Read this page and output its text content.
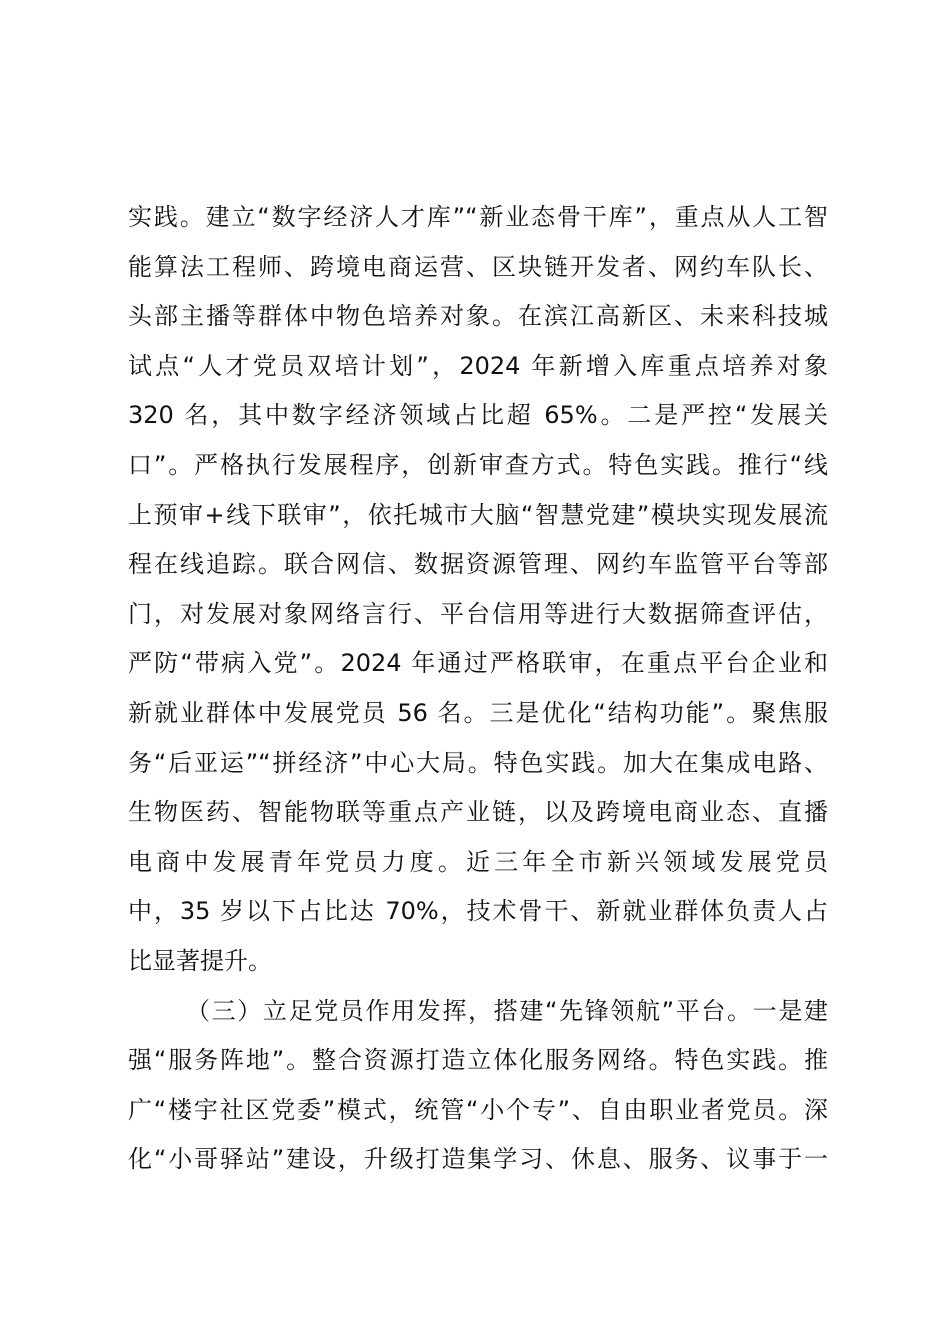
实践。建立“数字经济人才库”“新业态骨干库”，重点从人工智
能算法工程师、跨境电商运营、区块链开发者、网约车队长、
头部主播等群体中物色培养对象。在滨江高新区、未来科技城
试点“人才党员双培计划”，2024 年新增入库重点培养对象
320 名，其中数字经济领域占比超 65%。二是严控“发展关
口”。严格执行发展程序，创新审查方式。特色实践。推行“线
上预审+线下联审”，依托城市大脑“智慧党建”模块实现发展流
程在线追踪。联合网信、数据资源管理、网约车监管平台等部
门，对发展对象网络言行、平台信用等进行大数据筛查评估，
严防“带病入党”。2024 年通过严格联审，在重点平台企业和
新就业群体中发展党员 56 名。三是优化“结构功能”。聚焦服
务“后亚运”“拼经济”中心大局。特色实践。加大在集成电路、
生物医药、智能物联等重点产业链，以及跨境电商业态、直播
电商中发展青年党员力度。近三年全市新兴领域发展党员
中，35 岁以下占比达 70%，技术骨干、新就业群体负责人占
比显著提升。
（三）立足党员作用发挥，搭建“先锋领航”平台。一是建
强“服务阵地”。整合资源打造立体化服务网络。特色实践。推
广“楼宇社区党委”模式，统管“小个专”、自由职业者党员。深
化“小哥驿站”建设，升级打造集学习、休息、服务、议事于一
